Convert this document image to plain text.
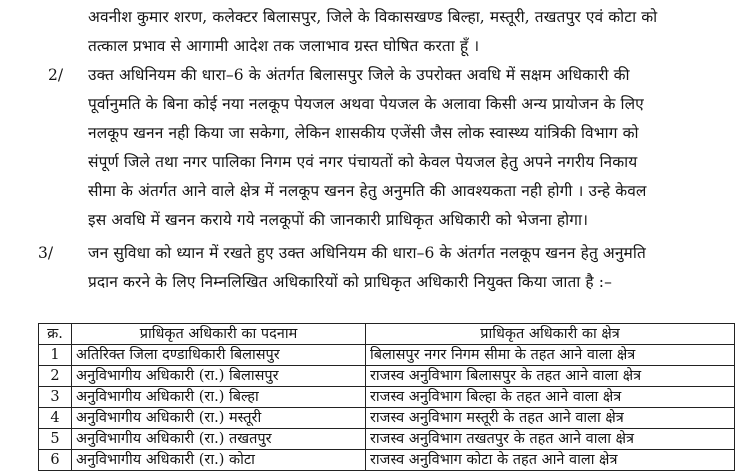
अवनीश कुमार शरण, कलेक्टर बिलासपुर, जिले के विकासखण्ड बिल्हा, मस्तूरी, तखतपुर एवं कोटा को
तत्काल प्रभाव से आगामी आदेश तक जलाभाव ग्रस्त घोषित करता हूँ ।
2/ उक्त अधिनियम की धारा–6 के अंतर्गत बिलासपुर जिले के उपरोक्त अवधि में सक्षम अधिकारी की
पूर्वानुमति के बिना कोई नया नलकूप पेयजल अथवा पेयजल के अलावा किसी अन्य प्रायोजन के लिए
नलकूप खनन नही किया जा सकेगा, लेकिन शासकीय एजेंसी जैस लोक स्वास्थ्य यांत्रिकी विभाग को
संपूर्ण जिले तथा नगर पालिका निगम एवं नगर पंचायतों को केवल पेयजल हेतु अपने नगरीय निकाय
सीमा के अंतर्गत आने वाले क्षेत्र में नलकूप खनन हेतु अनुमति की आवश्यकता नही होगी । उन्हे केवल
इस अवधि में खनन कराये गये नलकूपों की जानकारी प्राधिकृत अधिकारी को भेजना होगा।
3/ जन सुविधा को ध्यान में रखते हुए उक्त अधिनियम की धारा–6 के अंतर्गत नलकूप खनन हेतु अनुमति
प्रदान करने के लिए निम्नलिखित अधिकारियों को प्राधिकृत अधिकारी नियुक्त किया जाता है :–
क्र.	प्राधिकृत अधिकारी का पदनाम	प्राधिकृत अधिकारी का क्षेत्र
1	अतिरिक्त जिला दण्डाधिकारी बिलासपुर	बिलासपुर नगर निगम सीमा के तहत आने वाला क्षेत्र
2	अनुविभागीय अधिकारी (रा.) बिलासपुर	राजस्व अनुविभाग बिलासपुर के तहत आने वाला क्षेत्र
3	अनुविभागीय अधिकारी (रा.) बिल्हा	राजस्व अनुविभाग बिल्हा के तहत आने वाला क्षेत्र
4	अनुविभागीय अधिकारी (रा.) मस्तूरी	राजस्व अनुविभाग मस्तूरी के तहत आने वाला क्षेत्र
5	अनुविभागीय अधिकारी (रा.) तखतपुर	राजस्व अनुविभाग तखतपुर के तहत आने वाला क्षेत्र
6	अनुविभागीय अधिकारी (रा.) कोटा	राजस्व अनुविभाग कोटा के तहत आने वाला क्षेत्र
